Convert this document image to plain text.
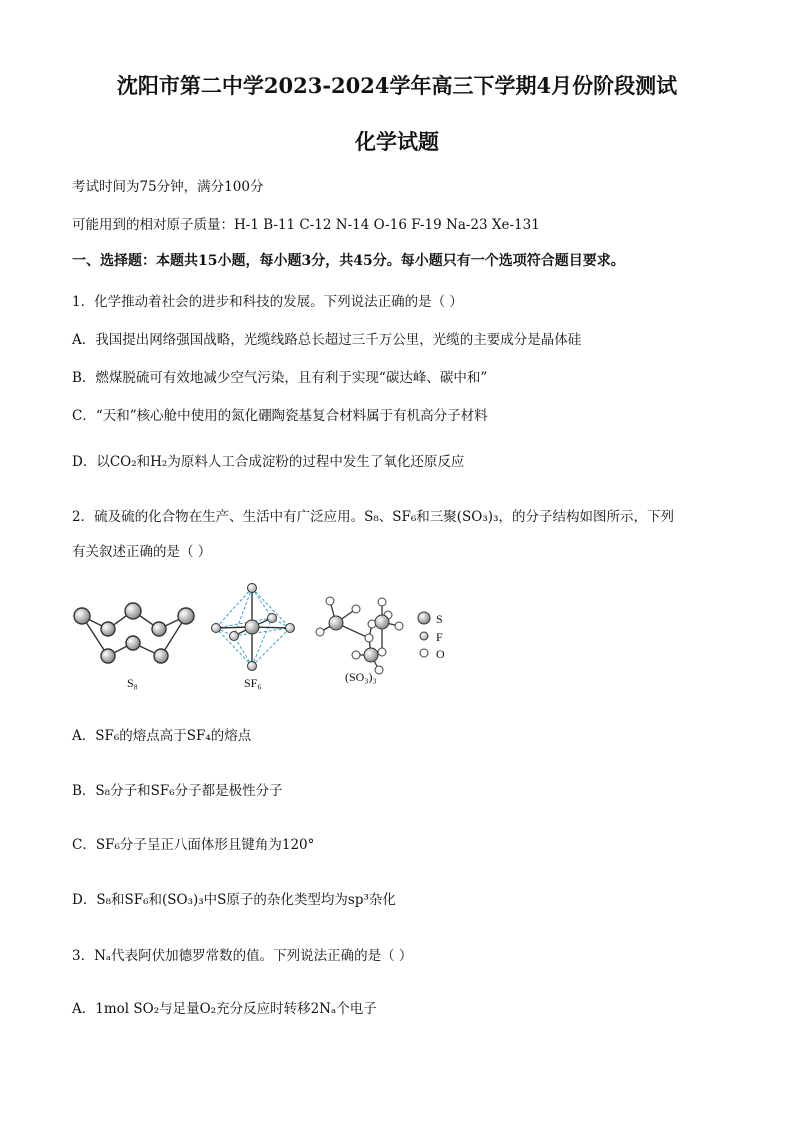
沈阳市第二中学2023-2024学年高三下学期4月份阶段测试
化学试题
考试时间为75分钟，满分100分
可能用到的相对原子质量：H-1 B-11 C-12 N-14 O-16 F-19 Na-23 Xe-131
一、选择题：本题共15小题，每小题3分，共45分。每小题只有一个选项符合题目要求。
1．化学推动着社会的进步和科技的发展。下列说法正确的是（ ）
A．我国提出网络强国战略，光缆线路总长超过三千万公里，光缆的主要成分是晶体硅
B．燃煤脱硫可有效地减少空气污染，且有利于实现“碳达峰、碳中和”
C．“天和”核心舱中使用的氮化硼陶瓷基复合材料属于有机高分子材料
D．以CO₂和H₂为原料人工合成淀粉的过程中发生了氧化还原反应
2．硫及硫的化合物在生产、生活中有广泛应用。S₈、SF₆和三聚(SO₃)₃，的分子结构如图所示，下列
有关叙述正确的是（ ）
S
F
O
S₈	SF₆	(SO₃)₃
A．SF₆的熔点高于SF₄的熔点
B．S₈分子和SF₆分子都是极性分子
C．SF₆分子呈正八面体形且键角为120°
D．S₈和SF₆和(SO₃)₃中S原子的杂化类型均为sp³杂化
3．Nₐ代表阿伏加德罗常数的值。下列说法正确的是（ ）
A．1mol SO₂与足量O₂充分反应时转移2Nₐ个电子
